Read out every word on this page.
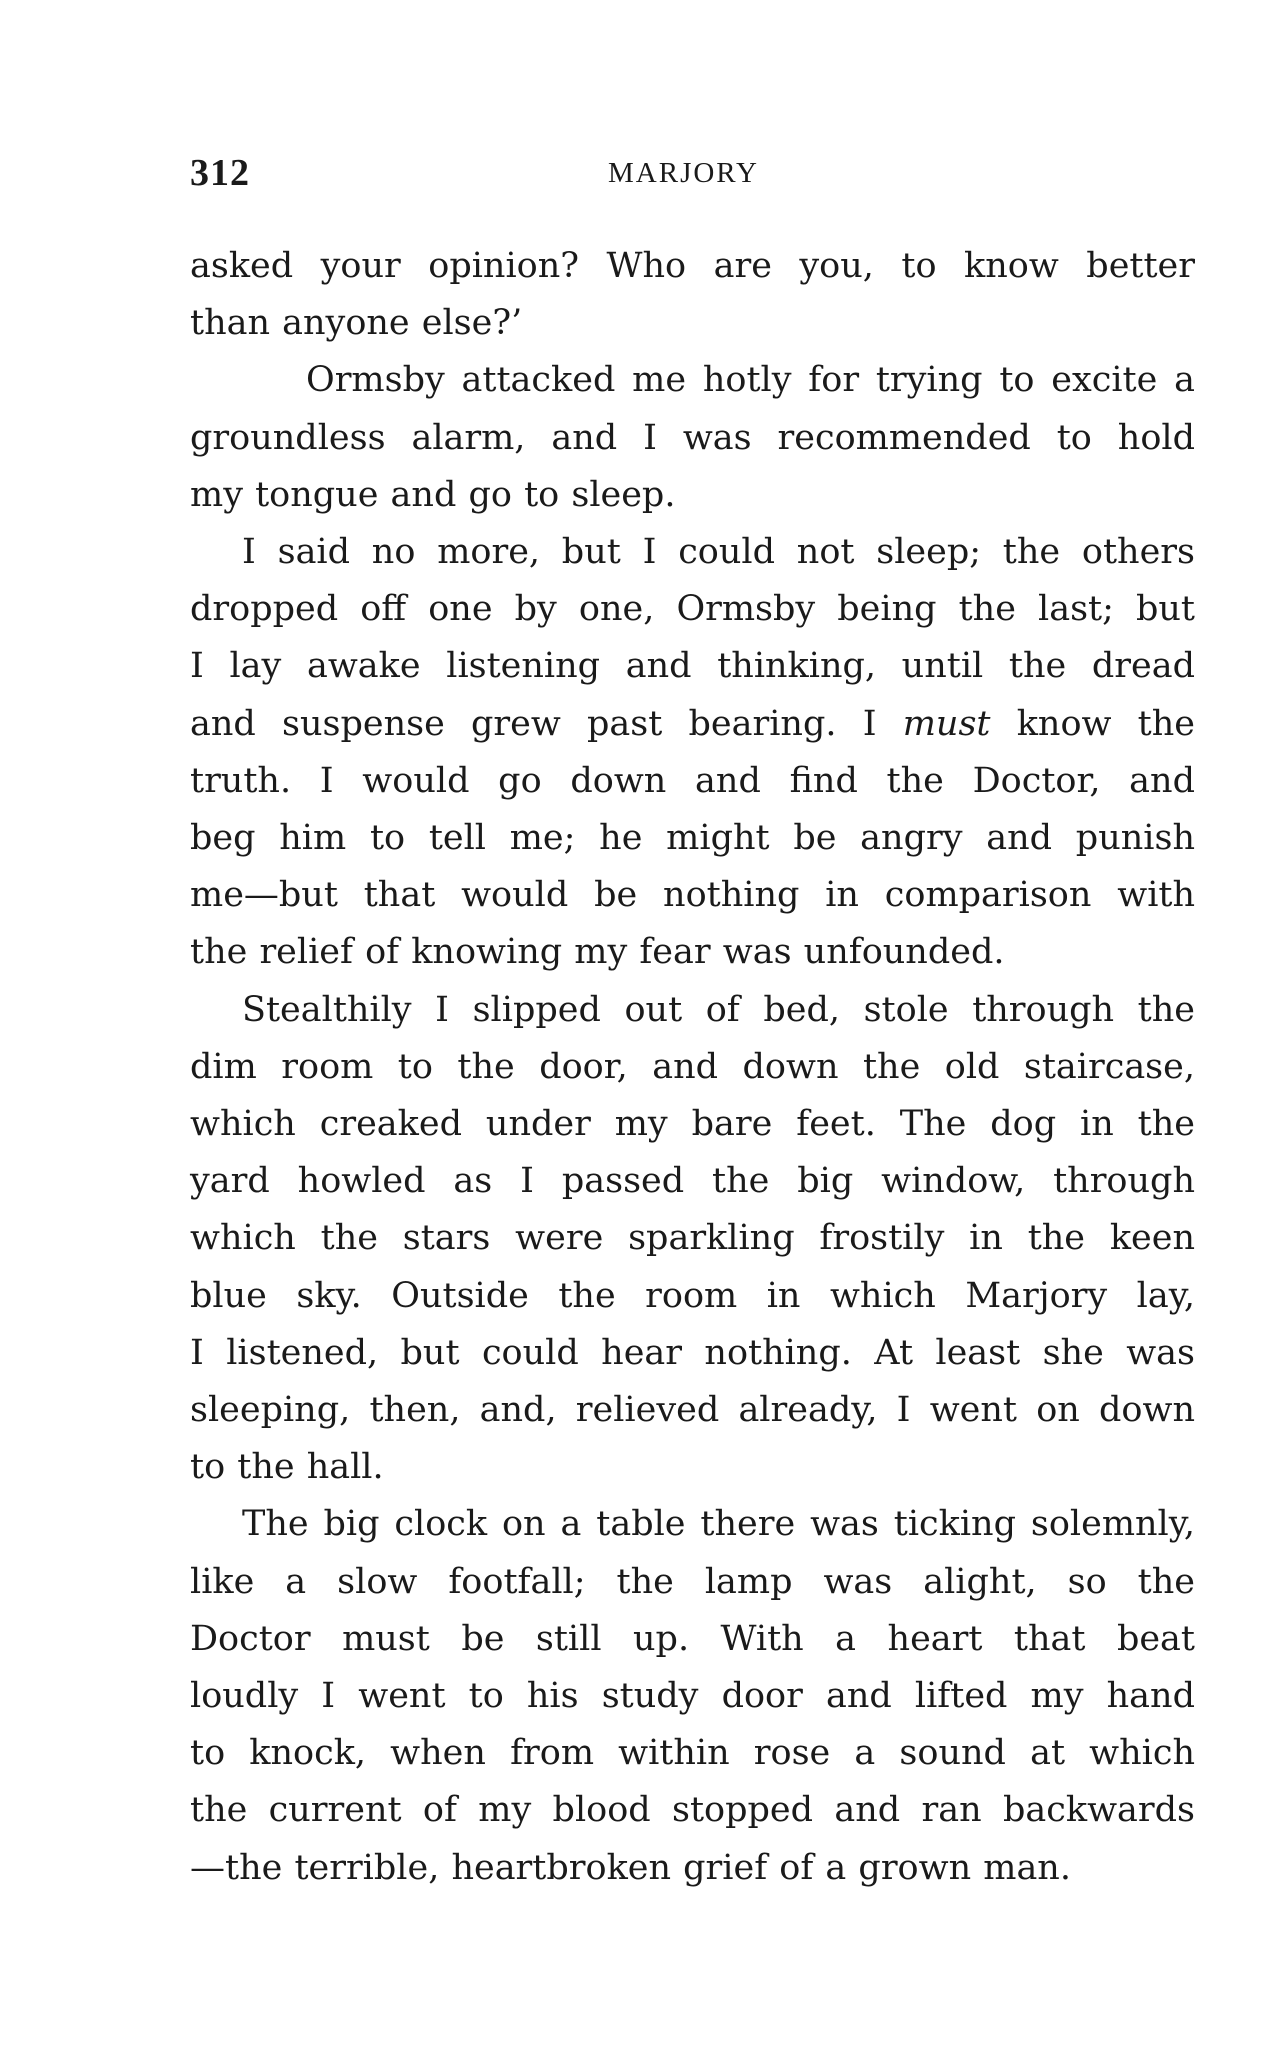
312	MARJORY
asked your opinion? Who are you, to know better
than anyone else?’
Ormsby attacked me hotly for trying to excite a
groundless alarm, and I was recommended to hold
my tongue and go to sleep.
I said no more, but I could not sleep; the others
dropped off one by one, Ormsby being the last; but
I lay awake listening and thinking, until the dread
and suspense grew past bearing. I must know the
truth. I would go down and find the Doctor, and
beg him to tell me; he might be angry and punish
me—but that would be nothing in comparison with
the relief of knowing my fear was unfounded.
Stealthily I slipped out of bed, stole through the
dim room to the door, and down the old staircase,
which creaked under my bare feet. The dog in the
yard howled as I passed the big window, through
which the stars were sparkling frostily in the keen
blue sky. Outside the room in which Marjory lay,
I listened, but could hear nothing. At least she was
sleeping, then, and, relieved already, I went on down
to the hall.
The big clock on a table there was ticking solemnly,
like a slow footfall; the lamp was alight, so the
Doctor must be still up. With a heart that beat
loudly I went to his study door and lifted my hand
to knock, when from within rose a sound at which
the current of my blood stopped and ran backwards
—the terrible, heartbroken grief of a grown man.
